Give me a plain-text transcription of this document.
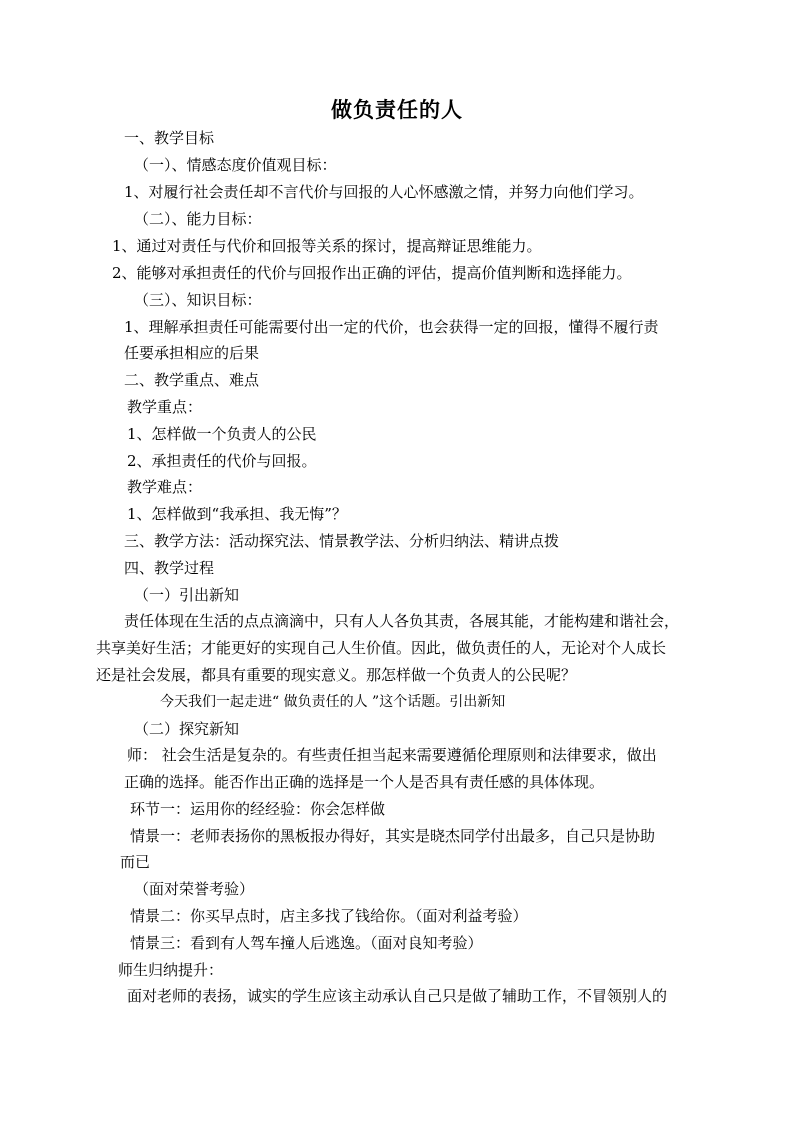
做负责任的人
一、教学目标
（一）、情感态度价值观目标：
1、对履行社会责任却不言代价与回报的人心怀感激之情，并努力向他们学习。
（二）、能力目标：
1、通过对责任与代价和回报等关系的探讨，提高辩证思维能力。
2、能够对承担责任的代价与回报作出正确的评估，提高价值判断和选择能力。
（三）、知识目标：
1、理解承担责任可能需要付出一定的代价，也会获得一定的回报，懂得不履行责
任要承担相应的后果
二、教学重点、难点
教学重点：
1、怎样做一个负责人的公民
2、承担责任的代价与回报。
教学难点：
1、怎样做到“我承担、我无悔”？
三、教学方法：活动探究法、情景教学法、分析归纳法、精讲点拨
四、教学过程
（一）引出新知
责任体现在生活的点点滴滴中，只有人人各负其责，各展其能，才能构建和谐社会，
共享美好生活；才能更好的实现自己人生价值。因此，做负责任的人，无论对个人成长
还是社会发展，都具有重要的现实意义。那怎样做一个负责人的公民呢？
今天我们一起走进“ 做负责任的人 ”这个话题。引出新知
（二）探究新知
师： 社会生活是复杂的。有些责任担当起来需要遵循伦理原则和法律要求，做出
正确的选择。能否作出正确的选择是一个人是否具有责任感的具体体现。
环节一：运用你的经经验：你会怎样做
情景一：老师表扬你的黑板报办得好，其实是晓杰同学付出最多，自己只是协助
而已
（面对荣誉考验）
情景二：你买早点时，店主多找了钱给你。（面对利益考验）
情景三：看到有人驾车撞人后逃逸。（面对良知考验）
师生归纳提升：
面对老师的表扬，诚实的学生应该主动承认自己只是做了辅助工作，不冒领别人的
